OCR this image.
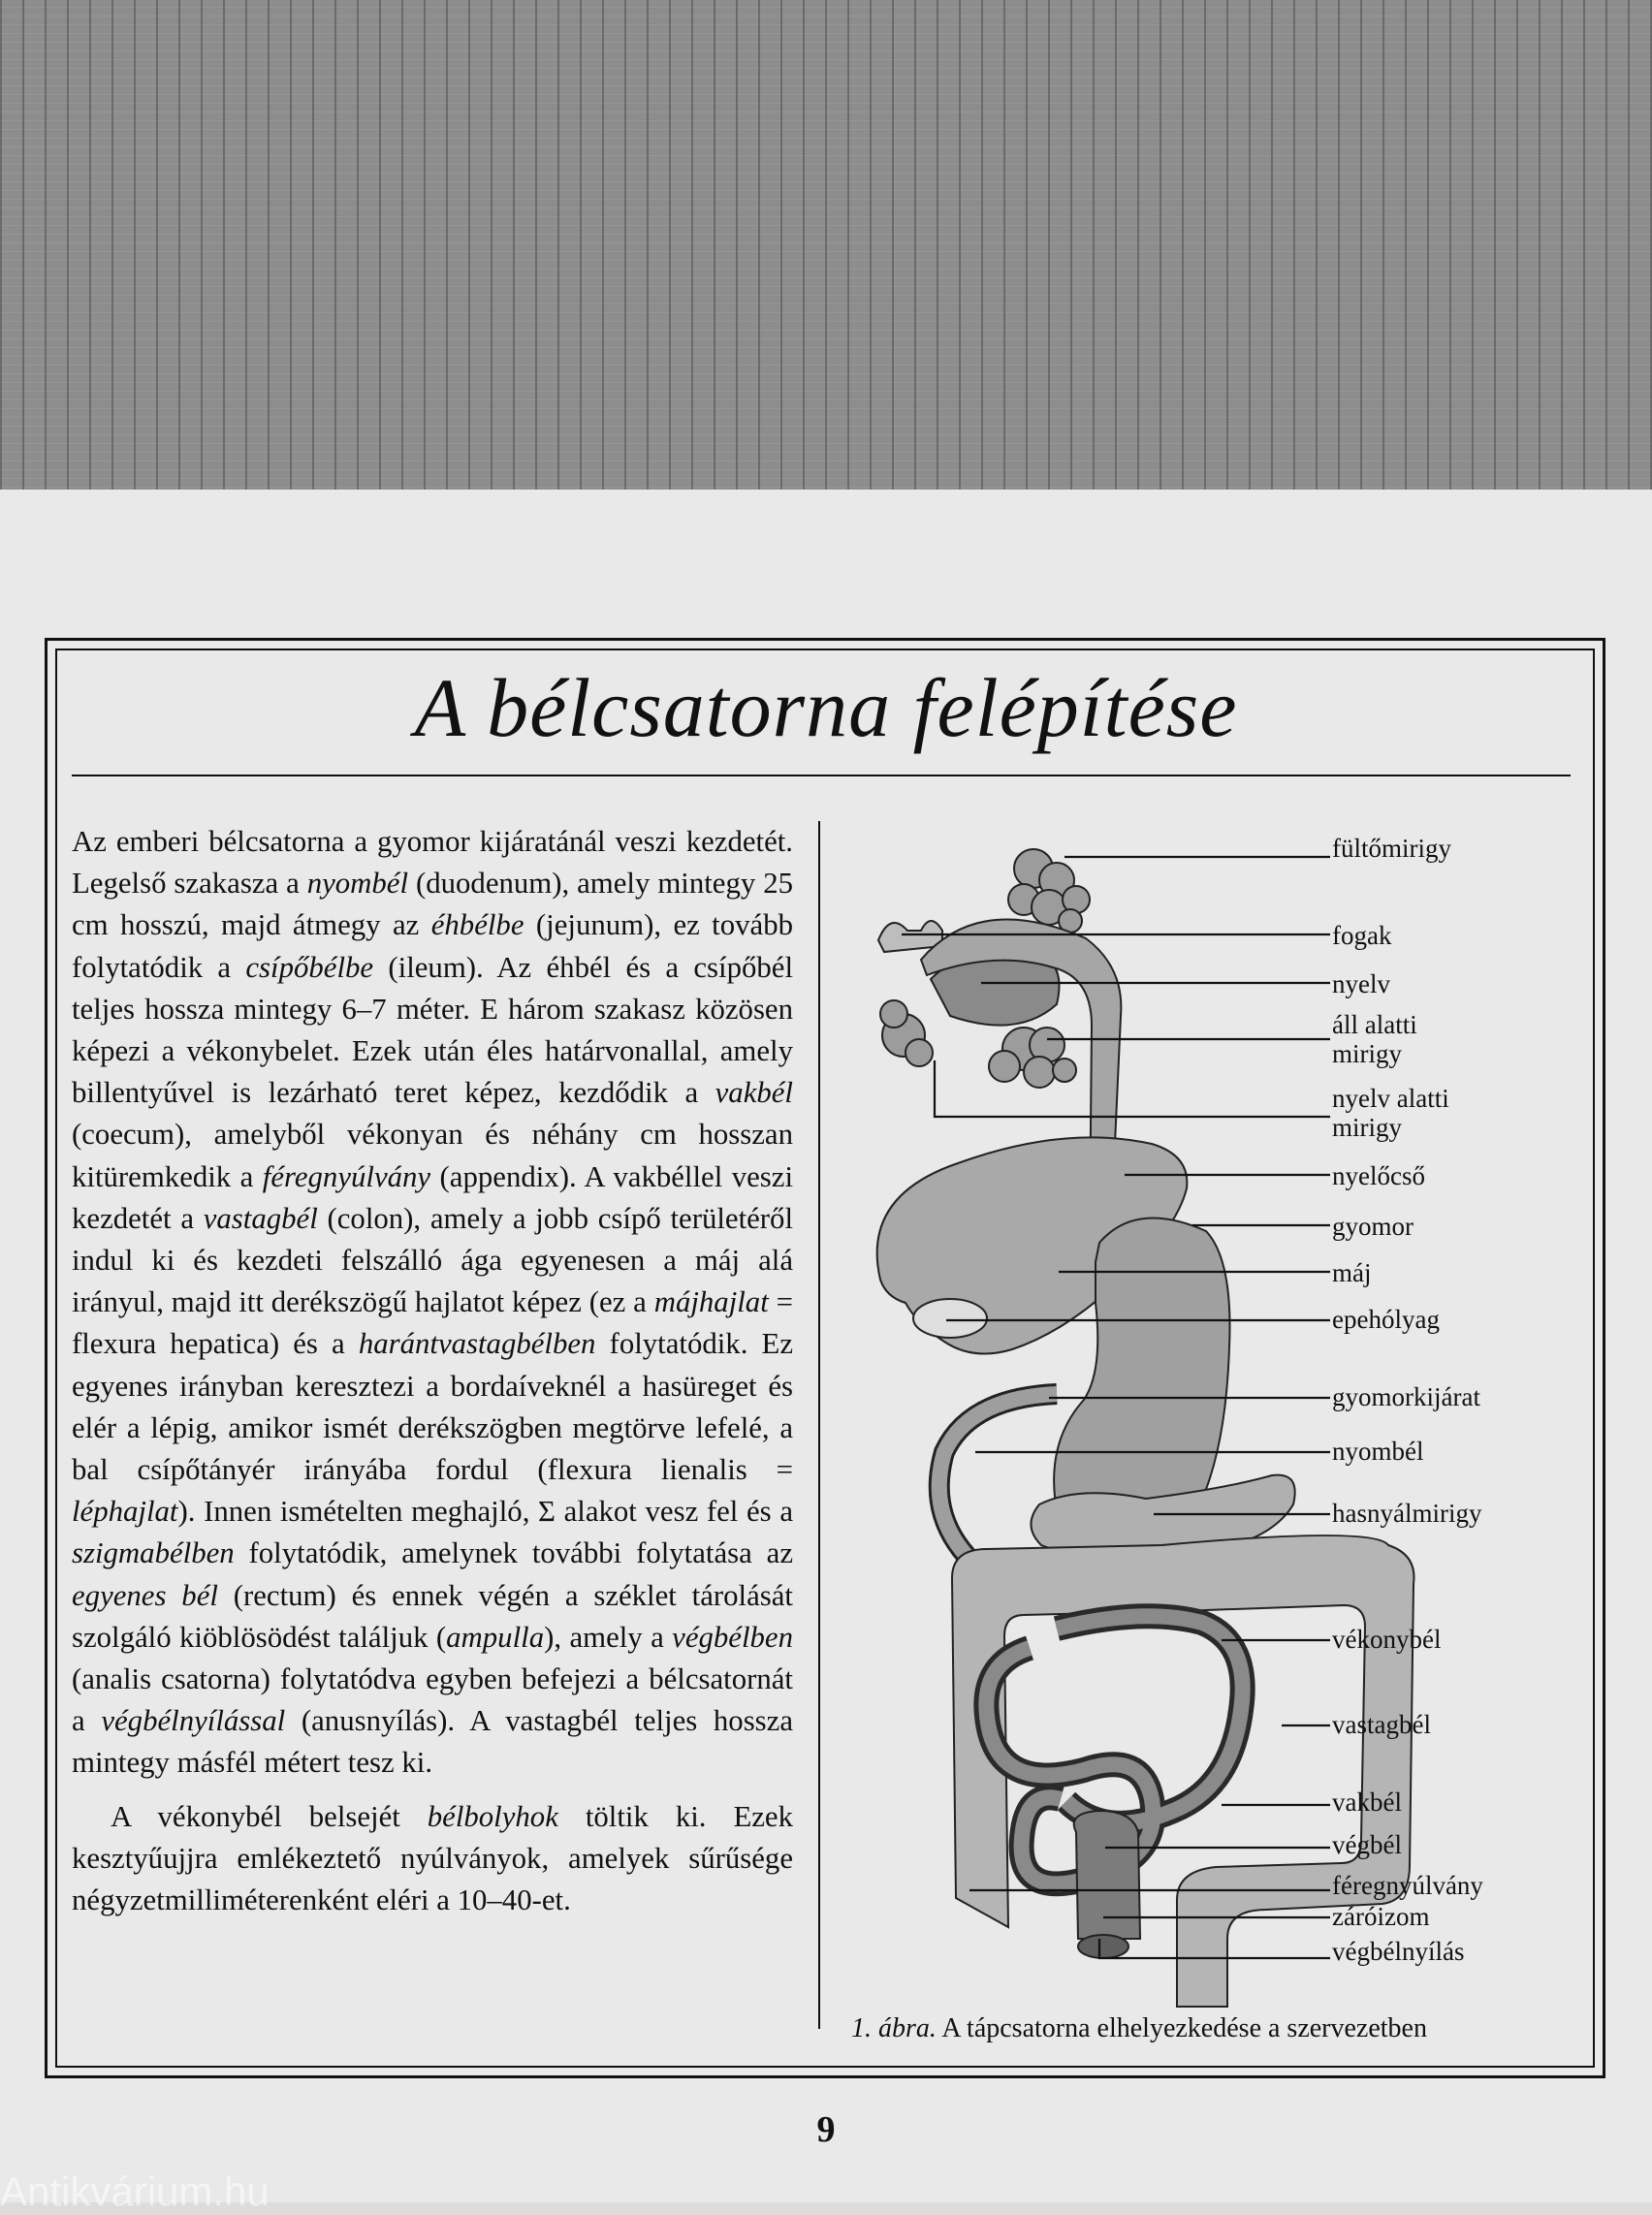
A bélcsatorna felépítése

Az emberi bélcsatorna a gyomor kijáratánál veszi kezdetét. Legelső szakasza a nyombél (duodenum), amely mintegy 25 cm hosszú, majd átmegy az éhbélbe (jejunum), ez tovább folytatódik a csípőbélbe (ileum). Az éhbél és a csípőbél teljes hossza mintegy 6–7 méter. E három szakasz közösen képezi a vékonybelet. Ezek után éles határvonallal, amely billentyűvel is lezárható teret képez, kezdődik a vakbél (coecum), amelyből vékonyan és néhány cm hosszan kitüremkedik a féregnyúlvány (appendix). A vakbéllel veszi kezdetét a vastagbél (colon), amely a jobb csípő területéről indul ki és kezdeti felszálló ága egyenesen a máj alá irányul, majd itt derékszögű hajlatot képez (ez a májhajlat = flexura hepatica) és a harántvastagbélben folytatódik. Ez egyenes irányban keresztezi a bordaíveknél a hasüreget és elér a lépig, amikor ismét derékszögben megtörve lefelé, a bal csípőtányér irányába fordul (flexura lienalis = léphajlat). Innen ismételten meghajló, Σ alakot vesz fel és a szigmabélben folytatódik, amelynek további folytatása az egyenes bél (rectum) és ennek végén a széklet tárolását szolgáló kiöblösödést találjuk (ampulla), amely a végbélben (analis csatorna) folytatódva egyben befejezi a bélcsatornát a végbélnyílással (anusnyílás). A vastagbél teljes hossza mintegy másfél métert tesz ki.

A vékonybél belsejét bélbolyhok töltik ki. Ezek kesztyűujjra emlékeztető nyúlványok, amelyek sűrűsége négyzetmilliméterenként eléri a 10–40-et.

fültőmirigy
fogak
nyelv
áll alatti
mirigy
nyelv alatti
mirigy
nyelőcső
gyomor
máj
epehólyag
gyomorkijárat
nyombél
hasnyálmirigy
vékonybél
vastagbél
vakbél
végbél
féregnyúlvány
záróizom
végbélnyílás
1. ábra. A tápcsatorna elhelyezkedése a szervezetben
9
Antikvárium.hu
